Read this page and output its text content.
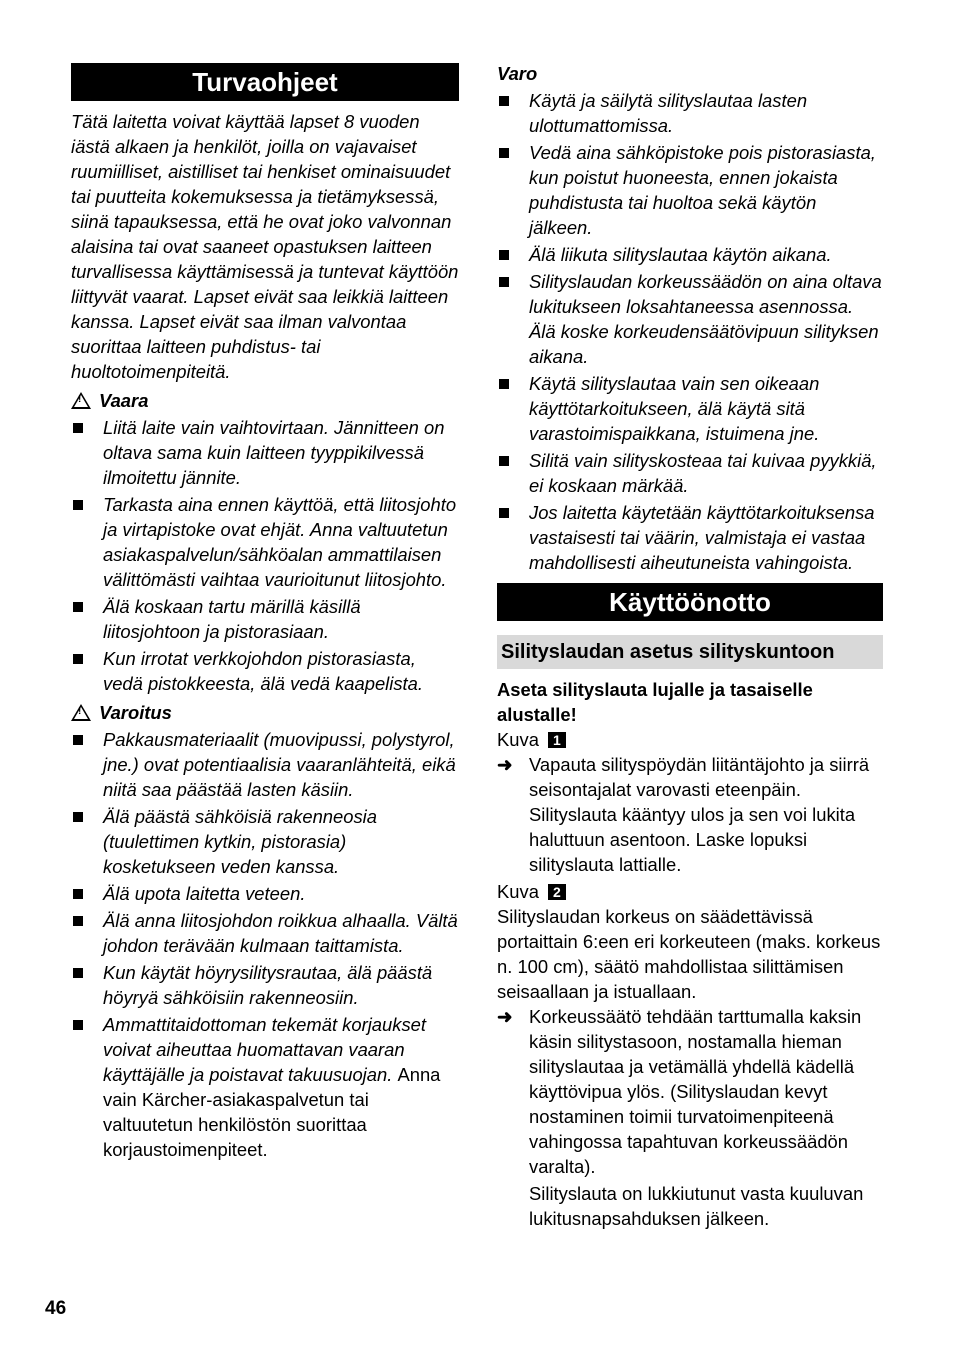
Turvaohjeet

Tätä laitetta voivat käyttää lapset 8 vuoden iästä alkaen ja henkilöt, joilla on vajavaiset ruumiilliset, aistilliset tai henkiset ominaisuudet tai puutteita kokemuksessa ja tietämyksessä, siinä tapauksessa, että he ovat joko valvonnan alaisina tai ovat saaneet opastuksen laitteen turvallisessa käyttämisessä ja tuntevat käyttöön liittyvät vaarat. Lapset eivät saa leikkiä laitteen kanssa. Lapset eivät saa ilman valvontaa suorittaa laitteen puhdistus- tai huoltotoimenpiteitä.

!
Vaara
Liitä laite vain vaihtovirtaan. Jännitteen on oltava sama kuin laitteen tyyppikilvessä ilmoitettu jännite.
Tarkasta aina ennen käyttöä, että liitosjohto ja virtapistoke ovat ehjät. Anna valtuutetun asiakaspalvelun/sähköalan ammattilaisen välittömästi vaihtaa vaurioitunut liitosjohto.
Älä koskaan tartu märillä käsillä liitosjohtoon ja pistorasiaan.
Kun irrotat verkkojohdon pistorasiasta, vedä pistokkeesta, älä vedä kaapelista.
!
Varoitus
Pakkausmateriaalit (muovipussi, polystyrol, jne.) ovat potentiaalisia vaaranlähteitä, eikä niitä saa päästää lasten käsiin.
Älä päästä sähköisiä rakenneosia (tuulettimen kytkin, pistorasia) kosketukseen veden kanssa.
Älä upota laitetta veteen.
Älä anna liitosjohdon roikkua alhaalla. Vältä johdon terävään kulmaan taittamista.
Kun käytät höyrysilitysrautaa, älä päästä höyryä sähköisiin rakenneosiin.
Ammattitaidottoman tekemät korjaukset voivat aiheuttaa huomattavan vaaran käyttäjälle ja poistavat takuusuojan. Anna vain Kärcher-asiakaspalvetun tai valtuutetun henkilöstön suorittaa korjaustoimenpiteet.

Varo

Käytä ja säilytä silityslautaa lasten ulottumattomissa.
Vedä aina sähköpistoke pois pistorasiasta, kun poistut huoneesta, ennen jokaista puhdistusta tai huoltoa sekä käytön jälkeen.
Älä liikuta silityslautaa käytön aikana.
Silityslaudan korkeussäädön on aina oltava lukitukseen loksahtaneessa asennossa. Älä koske korkeudensäätövipuun silityksen aikana.
Käytä silityslautaa vain sen oikeaan käyttötarkoitukseen, älä käytä sitä varastoimispaikkana, istuimena jne.
Silitä vain silityskosteaa tai kuivaa pyykkiä, ei koskaan märkää.
Jos laitetta käytetään käyttötarkoituksensa vastaisesti tai väärin, valmistaja ei vastaa mahdollisesti aiheutuneista vahingoista.
Käyttöönotto
Silityslaudan asetus silityskuntoon

Aseta silityslauta lujalle ja tasaiselle alustalle!

Kuva 1

➜ Vapauta silityspöydän liitäntäjohto ja siirrä seisontajalat varovasti eteenpäin. Silityslauta kääntyy ulos ja sen voi lukita haluttuun asentoon. Laske lopuksi silityslauta lattialle.

Kuva 2

Silityslaudan korkeus on säädettävissä portaittain 6:een eri korkeuteen (maks. korkeus n. 100 cm), säätö mahdollistaa silittämisen seisaallaan ja istuallaan.

➜ Korkeussäätö tehdään tarttumalla kaksin käsin silitystasoon, nostamalla hieman silityslautaa ja vetämällä yhdellä kädellä käyttövipua ylös. (Silityslaudan kevyt nostaminen toimii turvatoimenpiteenä vahingossa tapahtuvan korkeussäädön varalta).

Silityslauta on lukkiutunut vasta kuuluvan lukitusnapsahduksen jälkeen.

46
